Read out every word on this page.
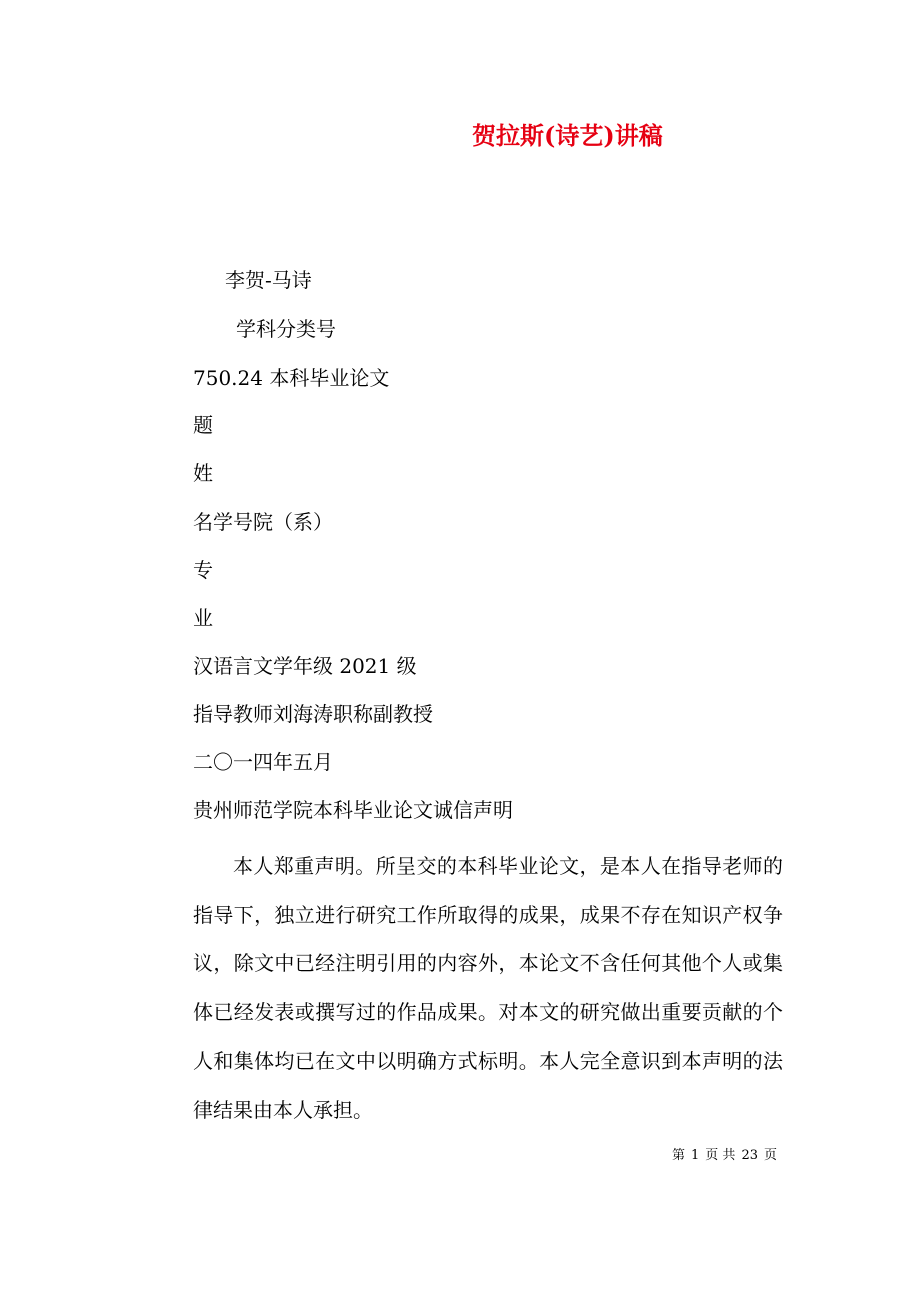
贺拉斯(诗艺)讲稿

李贺-马诗

学科分类号

750.24 本科毕业论文

题

姓

名学号院（系）

专

业

汉语言文学年级 2021 级

指导教师刘海涛职称副教授

二〇一四年五月

贵州师范学院本科毕业论文诚信声明

本人郑重声明。所呈交的本科毕业论文，是本人在指导老师的指导下，独立进行研究工作所取得的成果，成果不存在知识产权争议，除文中已经注明引用的内容外，本论文不含任何其他个人或集体已经发表或撰写过的作品成果。对本文的研究做出重要贡献的个人和集体均已在文中以明确方式标明。本人完全意识到本声明的法律结果由本人承担。

第 1 页 共 23 页
